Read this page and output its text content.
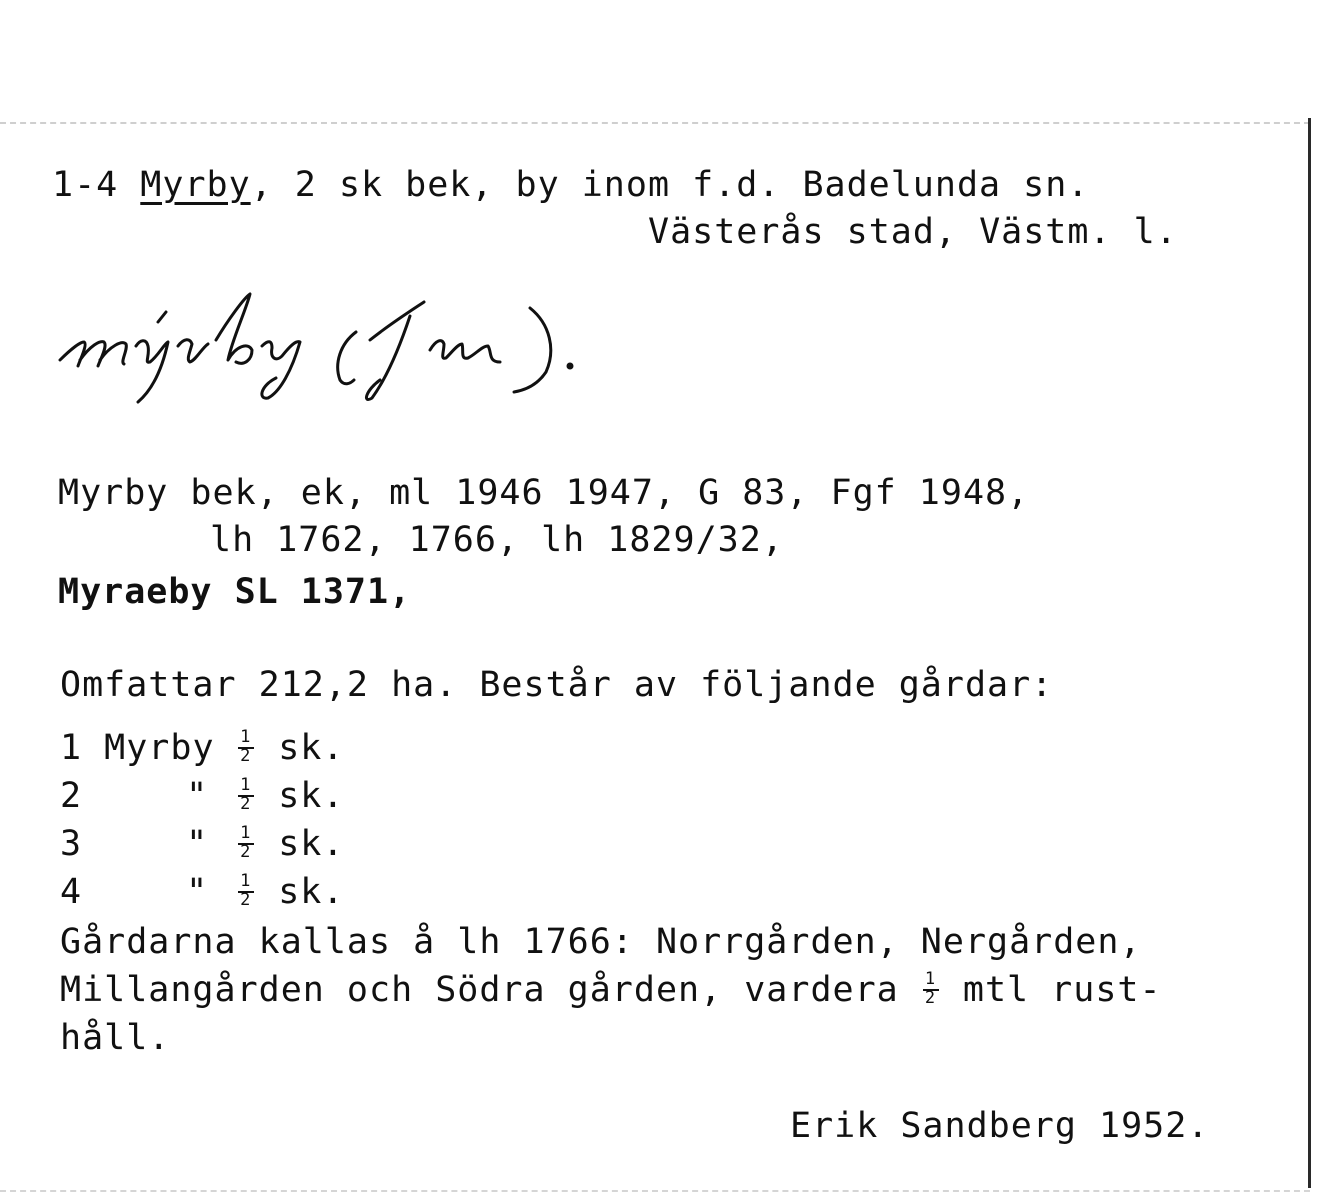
1-4 Myrby, 2 sk bek, by inom f.d. Badelunda sn.
Västerås stad, Västm. l.
Myrby bek, ek, ml 1946 1947, G 83, Fgf 1948,
lh 1762, 1766, lh 1829/32,
Myraeby SL 1371,
Omfattar 212,2 ha. Består av följande gårdar:
1 Myrby $\frac{1}{2}$ sk.
2	" $\frac{1}{2}$ sk.
3	" $\frac{1}{2}$ sk.
4	" $\frac{1}{2}$ sk.
Gårdarna kallas å lh 1766: Norrgården, Nergården,
Millangården och Södra gården, vardera $\frac{1}{2}$ mtl rust-
håll.
Erik Sandberg 1952.
